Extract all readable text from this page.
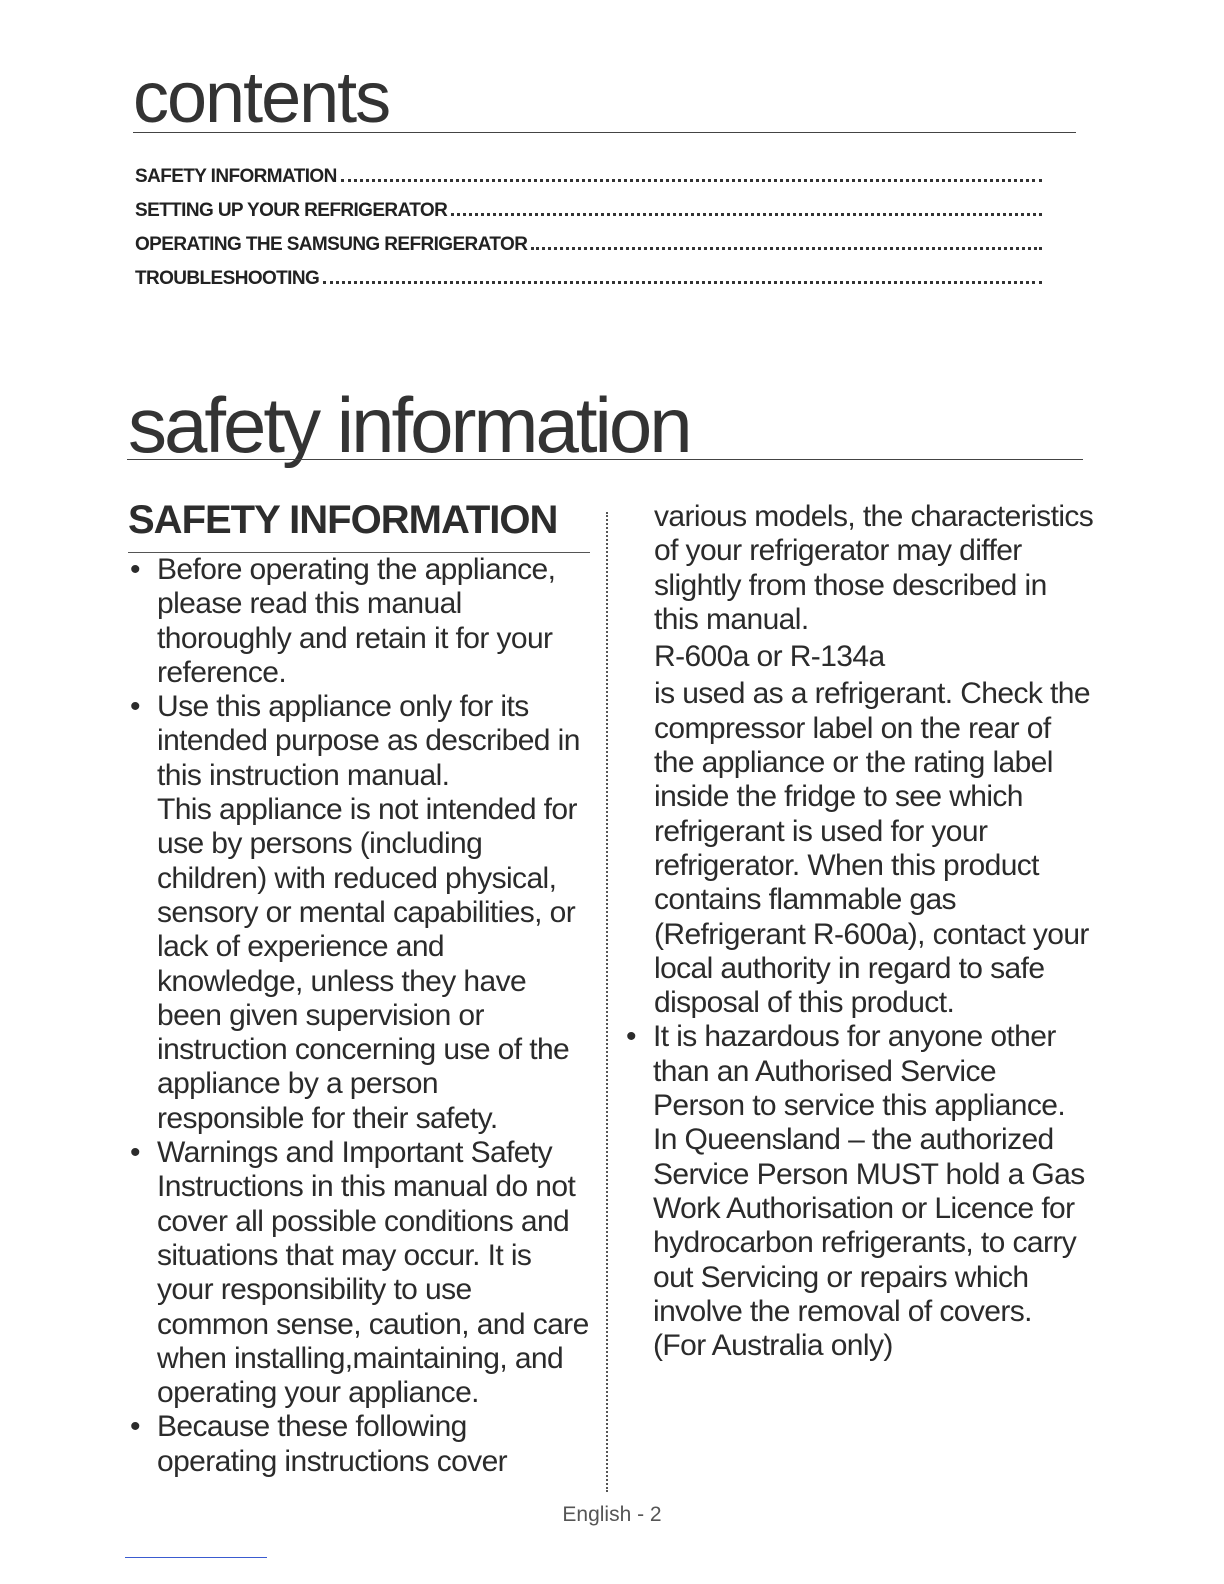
contents
SAFETY INFORMATION
SETTING UP YOUR REFRIGERATOR
OPERATING THE SAMSUNG REFRIGERATOR
TROUBLESHOOTING
safety information
SAFETY INFORMATION
• Before operating the appliance, please read this manual thoroughly and retain it for your reference.

• Use this appliance only for its intended purpose as described in this instruction manual.

This appliance is not intended for use by persons (including children) with reduced physical, sensory or mental capabilities, or lack of experience and knowledge, unless they have been given supervision or instruction concerning use of the appliance by a person responsible for their safety.

• Warnings and Important Safety Instructions in this manual do not cover all possible conditions and situations that may occur. It is your responsibility to use common sense, caution, and care when installing,maintaining, and operating your appliance.

• Because these following operating instructions cover

various models, the characteristics of your refrigerator may differ slightly from those described in this manual.

R-600a or R-134a

is used as a refrigerant. Check the compressor label on the rear of the appliance or the rating label inside the fridge to see which refrigerant is used for your refrigerator. When this product contains flammable gas (Refrigerant R-600a), contact your local authority in regard to safe disposal of this product.

• It is hazardous for anyone other than an Authorised Service Person to service this appliance. In Queensland – the authorized Service Person MUST hold a Gas Work Authorisation or Licence for hydrocarbon refrigerants, to carry out Servicing or repairs which involve the removal of covers.

(For Australia only)

English - 2
